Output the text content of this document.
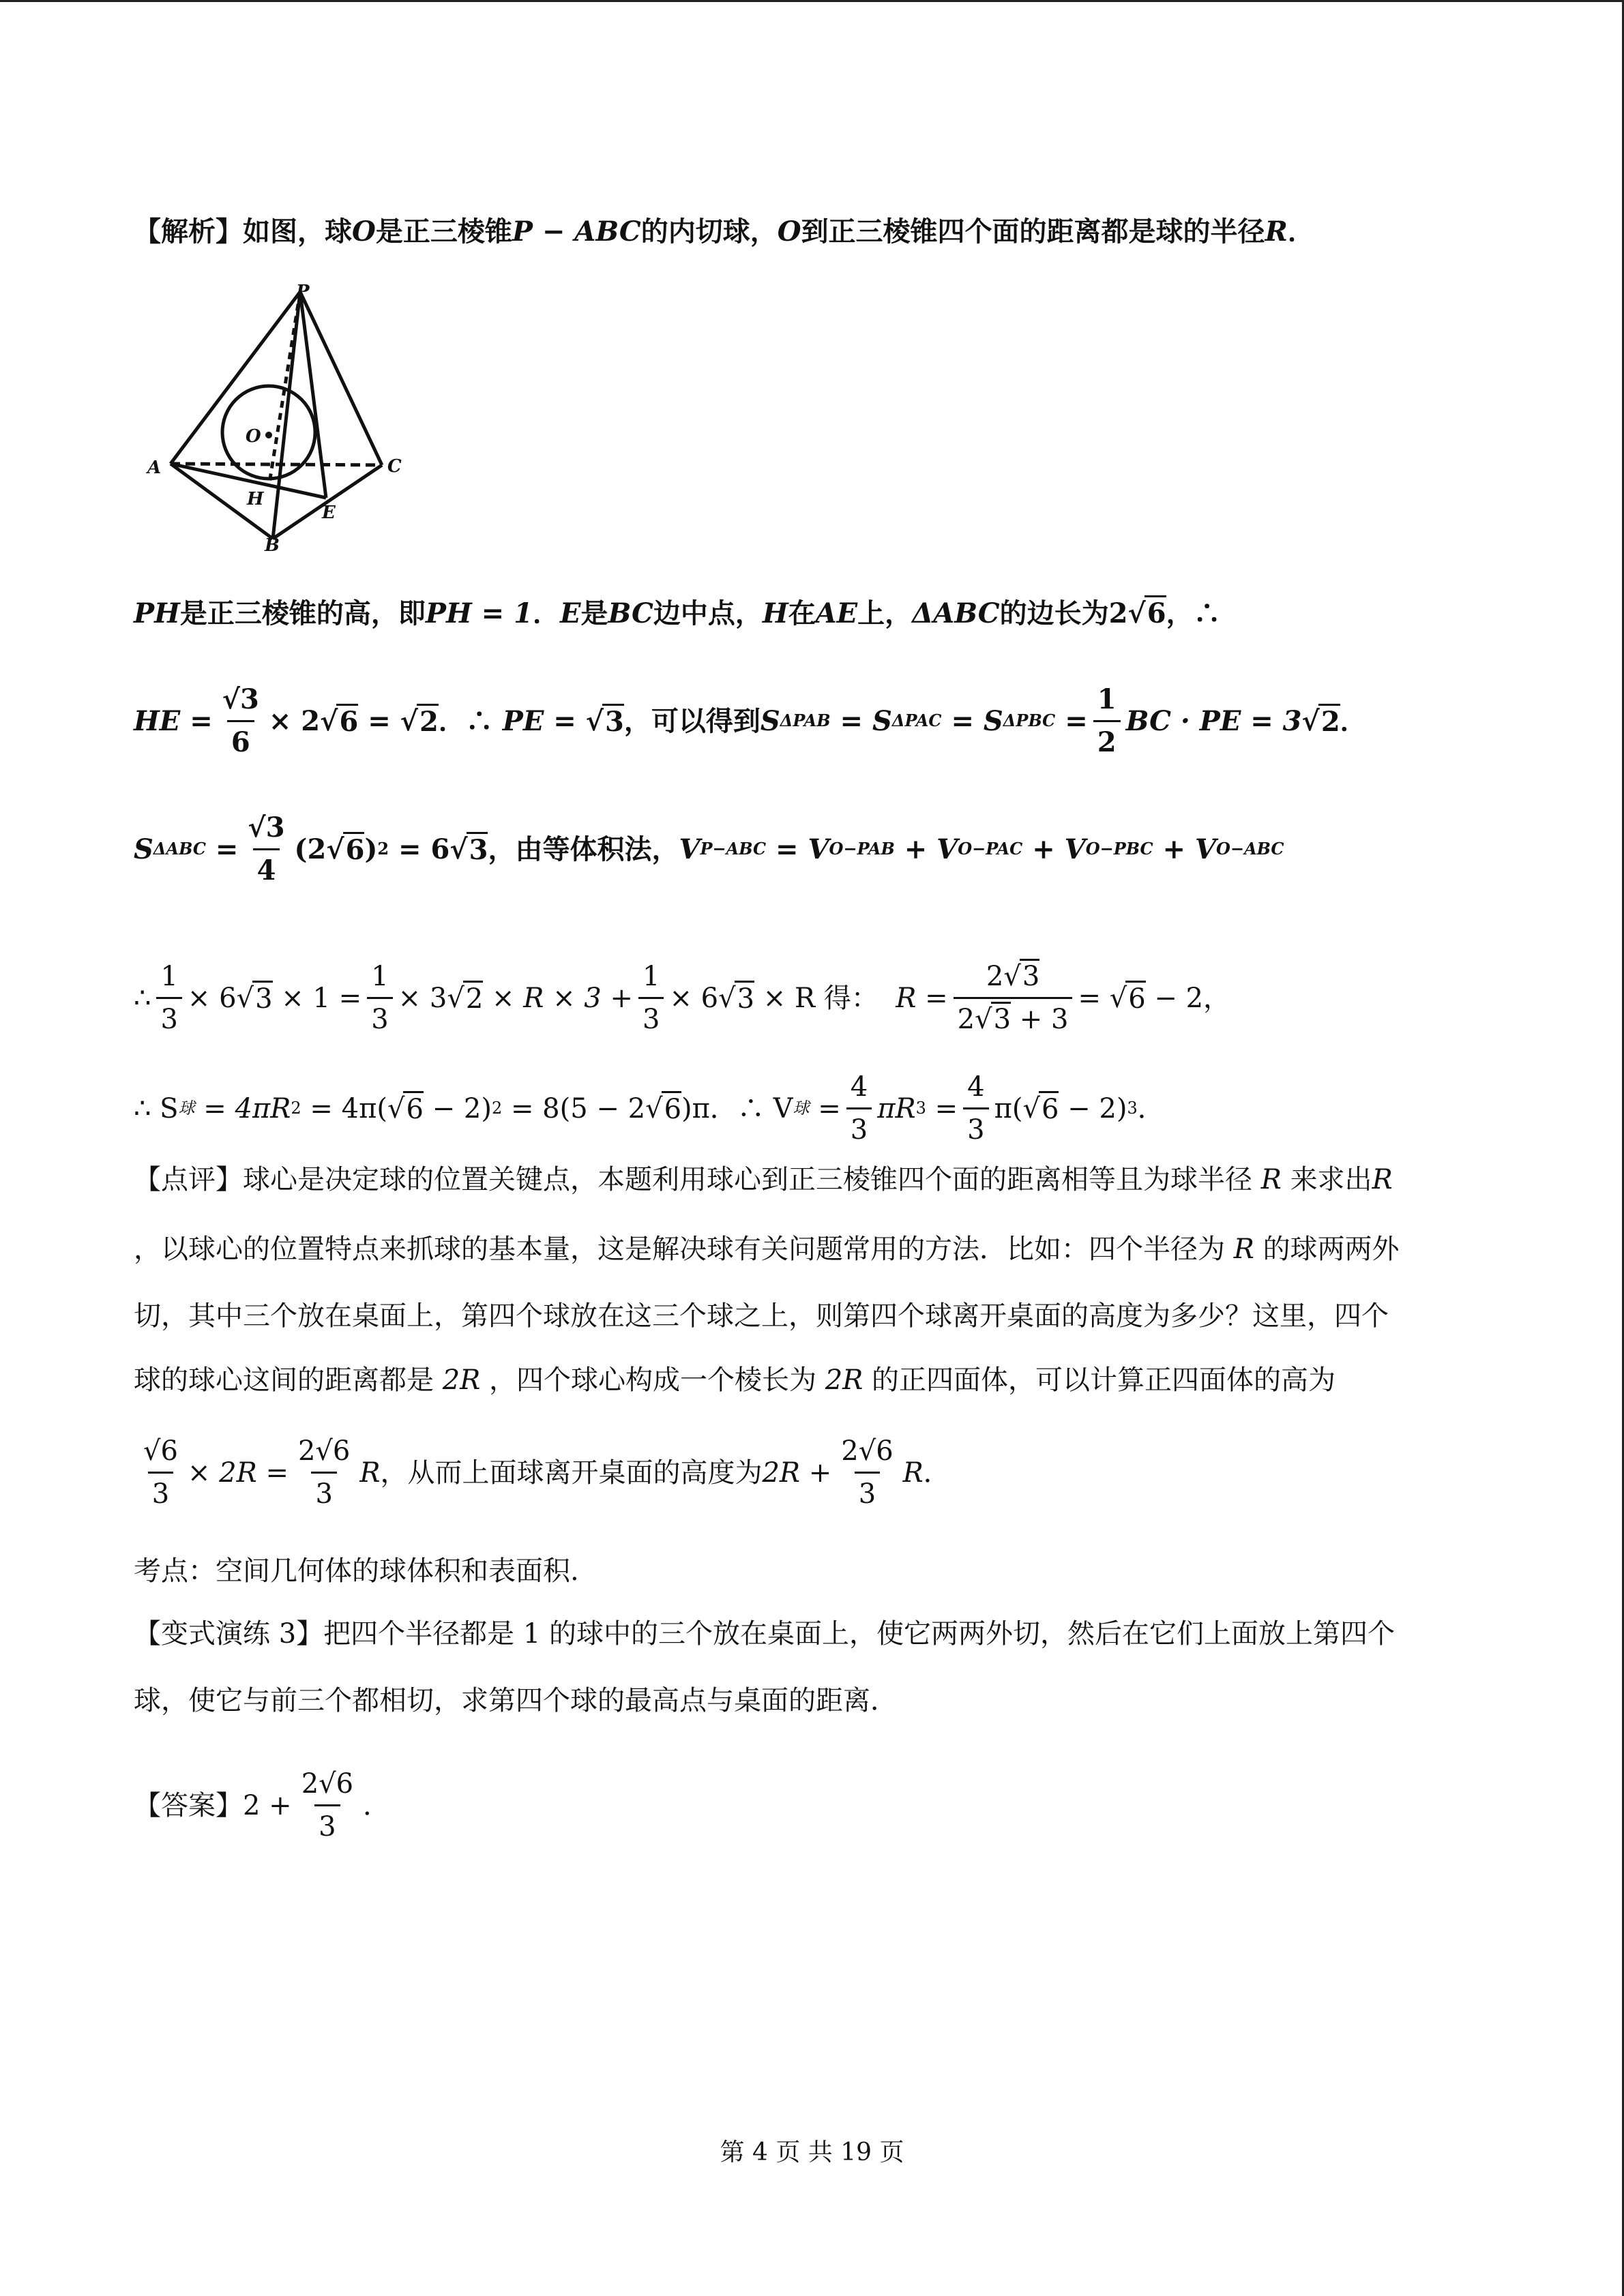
【解析】如图，球O是正三棱锥P − ABC的内切球，O到正三棱锥四个面的距离都是球的半径R．
P
O
A	C
H
E
B
PH是正三棱锥的高，即PH = 1．E是BC边中点，H在AE上，ΔABC的边长为2 √ 6，∴
HE = $\frac{√3}{6} \times 2$ √ 6
=
√ 2 ．∴
PE =
√ 3 ，可以得到 S ΔPAB
=
S ΔPAC
=
S ΔPBC
= $\frac{1}{2}$ BC · PE = 3 √ 2 ．
S ΔABC
= $\frac{√3}{4} (2$ √ 6 ) 2
= 6 √ 3 ，由等体积法， V P−ABC
=
V O−PAB
+
V O−PAC
+
V O−PBC
+
V O−ABC
∴ $\frac{1}{3} \times 6$ √ 3
× $1 = \frac{1}{3} \times 3$ √ 2
× $R \times 3 + \frac{1}{3} \times 6$ √ 3
× R 得：
$R = \frac{2 √ 3}{2 √ 3 + 3}$ =
√ 6
− 2，
∴ S 球
= 4πR 2
= 4π( √ 6
− 2) 2
= 8(5 − 2 √ 6 )π．∴ V 球
= $\frac{4}{3}$ πR 3
= $\frac{4}{3} \pi$( √ 6
− 2) 3 ．
【点评】球心是决定球的位置关键点，本题利用球心到正三棱锥四个面的距离相等且为球半径 R 来求出R
，以球心的位置特点来抓球的基本量，这是解决球有关问题常用的方法．比如：四个半径为 R 的球两两外
切，其中三个放在桌面上，第四个球放在这三个球之上，则第四个球离开桌面的高度为多少？这里，四个
球的球心这间的距离都是 2R ，四个球心构成一个棱长为 2R 的正四面体，可以计算正四面体的高为
$\frac{√6}{3} \times 2R = \frac{2√6}{3}$ R ，从而上面球离开桌面的高度为 $2R + \frac{2√6}{3}$ R ．
考点：空间几何体的球体积和表面积.
【变式演练 3】把四个半径都是 1 的球中的三个放在桌面上，使它两两外切，然后在它们上面放上第四个
球，使它与前三个都相切，求第四个球的最高点与桌面的距离．
【答案】 $2 + \frac{2√6}{3}$ ．
第 4 页 共 19 页
